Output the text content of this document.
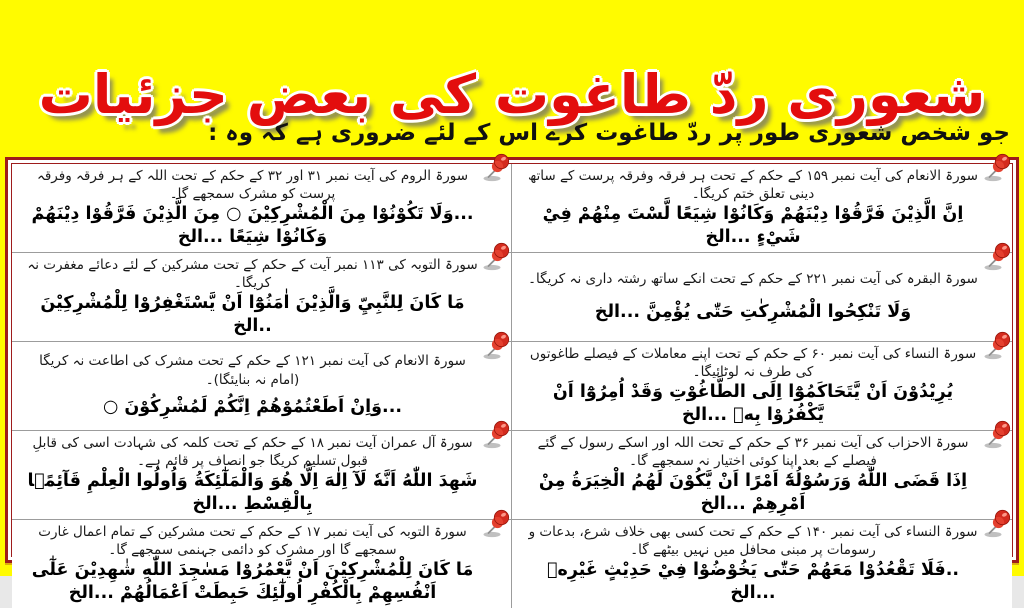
شعوری ردّ طاغوت کی بعض جزئیات
جو شخص شعوری طور پر ردّ طاغوت کرے اس کے لئے ضروری ہے کہ وہ :
سورۃ الانعام کی آیت نمبر ۱۵۹ کے حکم کے تحت ہر فرقہ وفرقہ پرست کے ساتھ دینی تعلق ختم کریگا۔
اِنَّ الَّذِيْنَ فَرَّقُوْا دِيْنَهُمْ وَكَانُوْا شِيَعًا لَّسْتَ مِنْهُمْ فِيْ شَيْءٍ ...الخ
سورۃ الروم کی آیت نمبر ۳۱ اور ۳۲ کے حکم کے تحت اللہ کے ہر فرقہ وفرقہ پرست کو مشرک سمجھے گا۔
...وَلَا تَكُوْنُوْا مِنَ الْمُشْرِكِيْنَ ○ مِنَ الَّذِيْنَ فَرَّقُوْا دِيْنَهُمْ وَكَانُوْا شِيَعًا ...الخ
سورۃ البقرہ کی آیت نمبر ۲۲۱ کے حکم کے تحت انکے ساتھ رشتہ داری نہ کریگا۔
وَلَا تَنْكِحُوا الْمُشْرِكٰتِ حَتّٰى يُؤْمِنَّ ...الخ
سورۃ التوبہ کی ۱۱۳ نمبر آیت کے حکم کے تحت مشرکین کے لئے دعائے مغفرت نہ کریگا۔
مَا كَانَ لِلنَّبِيِّ وَالَّذِيْنَ اٰمَنُوْٓا اَنْ يَّسْتَغْفِرُوْا لِلْمُشْرِكِيْنَ ..الخ
سورۃ النساء کی آیت نمبر ۶۰ کے حکم کے تحت اپنے معاملات کے فیصلے طاغوتوں کی طرف نہ لوٹائیگا۔
يُرِيْدُوْنَ اَنْ يَّتَحَاكَمُوْٓا اِلَى الطَّاغُوْتِ وَقَدْ اُمِرُوْٓا اَنْ يَّكْفُرُوْا بِهٖ ...الخ
سورۃ الانعام کی آیت نمبر ۱۲۱ کے حکم کے تحت مشرک کی اطاعت نہ کریگا (امام نہ بنایئگا)۔
...وَاِنْ اَطَعْتُمُوْهُمْ اِنَّكُمْ لَمُشْرِكُوْنَ ○
سورۃ الاحزاب کی آیت نمبر ۳۶ کے حکم کے تحت اللہ اور اسکے رسول کے گئے فیصلے کے بعد اپنا کوئی اختیار نہ سمجھے گا۔
اِذَا قَضَى اللّٰهُ وَرَسُوْلُهٗٓ اَمْرًا اَنْ يَّكُوْنَ لَهُمُ الْخِيَرَةُ مِنْ اَمْرِهِمْ ...الخ
سورۃ آل عمران آیت نمبر ۱۸ کے حکم کے تحت کلمہ کی شہادت اسی کی قابلِ قبول تسلیم کریگا جو انصاف پر قائم ہے۔
شَهِدَ اللّٰهُ اَنَّهٗ لَآ اِلٰهَ اِلَّا هُوَ وَالْمَلٰٓئِكَةُ وَاُولُوا الْعِلْمِ قَآئِمًۢا بِالْقِسْطِ ...الخ
سورۃ النساء کی آیت نمبر ۱۴۰ کے حکم کے تحت کسی بھی خلاف شرع، بدعات و رسومات پر مبنی محافل میں نہیں بیٹھے گا۔
..فَلَا تَقْعُدُوْا مَعَهُمْ حَتّٰى يَخُوْضُوْا فِيْ حَدِيْثٍ غَيْرِهٖ ...الخ
سورۃ التوبہ کی آیت نمبر ۱۷ کے حکم کے تحت مشرکین کے تمام اعمال غارت سمجھے گا اور مشرک کو دائمی جہنمی سمجھے گا۔
مَا كَانَ لِلْمُشْرِكِيْنَ اَنْ يَّعْمُرُوْا مَسٰجِدَ اللّٰهِ شٰهِدِيْنَ عَلٰٓى اَنْفُسِهِمْ بِالْكُفْرِ اُولٰٓئِكَ حَبِطَتْ اَعْمَالُهُمْ ...الخ
